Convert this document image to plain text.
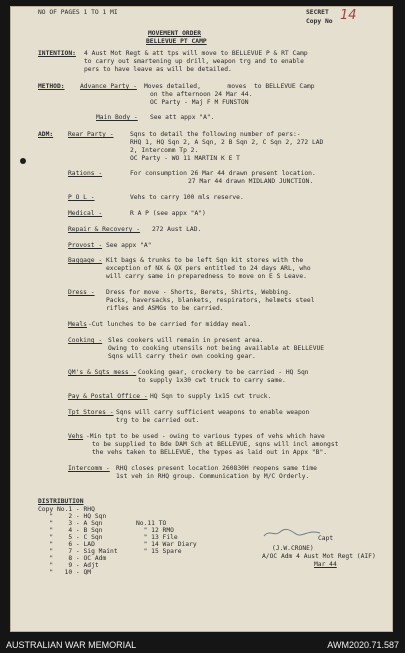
NO OF PAGES 1 TO 1 MI	SECRET
Copy No 14
MOVEMENT ORDER
BELLEVUE PT CAMP
INTENTION: 4 Aust Mot Regt & att tps will move to BELLEVUE P & RT Camp
to carry out smartening up drill, weapon trg and to enable
pers to have leave as will be detailed.
METHOD: Advance Party - Moves detailed,       moves  to BELLEVUE Camp
on the afternoon 24 Mar 44.
OC Party - Maj F M FUNSTON
Main Body - See att appx "A".
ADM: Rear Party -	Sqns to detail the following number of pers:-
RHQ 1, HQ Sqn 2, A Sqn, 2 B Sqn 2, C Sqn 2, 272 LAD
2, Intercomm Tp 2.
OC Party - WO 11 MARTIN K E T
Rations -	For consumption 26 Mar 44 drawn present location.
27 Mar 44 drawn MIDLAND JUNCTION.
P O L -	Vehs to carry 100 mls reserve.
Medical -	R A P (see appx "A")
Repair & Recovery - 272 Aust LAD.
Provost - See appx "A"
Baggage - Kit bags & trunks to be left Sqn kit stores with the
exception of NX & QX pers entitled to 24 days ARL, who
will carry same in preparedness to move on E S Leave.
Dress - Dress for move - Shorts, Berets, Shirts, Webbing.
Packs, haversacks, blankets, respirators, helmets steel
rifles and ASMGs to be carried.
Meals -Cut lunches to be carried for midday meal.
Cooking - Sles cookers will remain in present area.
Owing to cooking utensils not being available at BELLEVUE
Sqns will carry their own cooking gear.
QM's & Sgts mess - Cooking gear, crockery to be carried - HQ Sqn
to supply 1x30 cwt truck to carry same.
Pay & Postal Office - HQ Sqn to supply 1x15 cwt truck.
Tpt Stores - Sqns will carry sufficient weapons to enable weapon
trg to be carried out.
Vehs -Min tpt to be used - owing to various types of vehs which have
to be supplied to Bde DAM Sch at BELLEVUE, sqns will incl amongst
the vehs taken to BELLEVUE, the types as laid out in Appx "B".
Intercomm - RHQ closes present location 260830H reopens same time
1st veh in RHQ group. Communication by M/C Orderly.
DISTRIBUTION
Copy No.1 - RHQ
"    2 - HQ Sqn
"    3 - A Sqn
"    4 - B Sqn
"    5 - C Sqn
"    6 - LAD
"    7 - Sig Maint
"    8 - OC Adm
"    9 - Adjt
"   10 - QM
No.11 TO
" 12 RMO
" 13 File
" 14 War Diary
" 15 Spare
Capt
(J.W.CRONE)
A/OC Adm 4 Aust Mot Regt (AIF)
Mar 44
AUSTRALIAN WAR MEMORIAL	AWM2020.71.587
